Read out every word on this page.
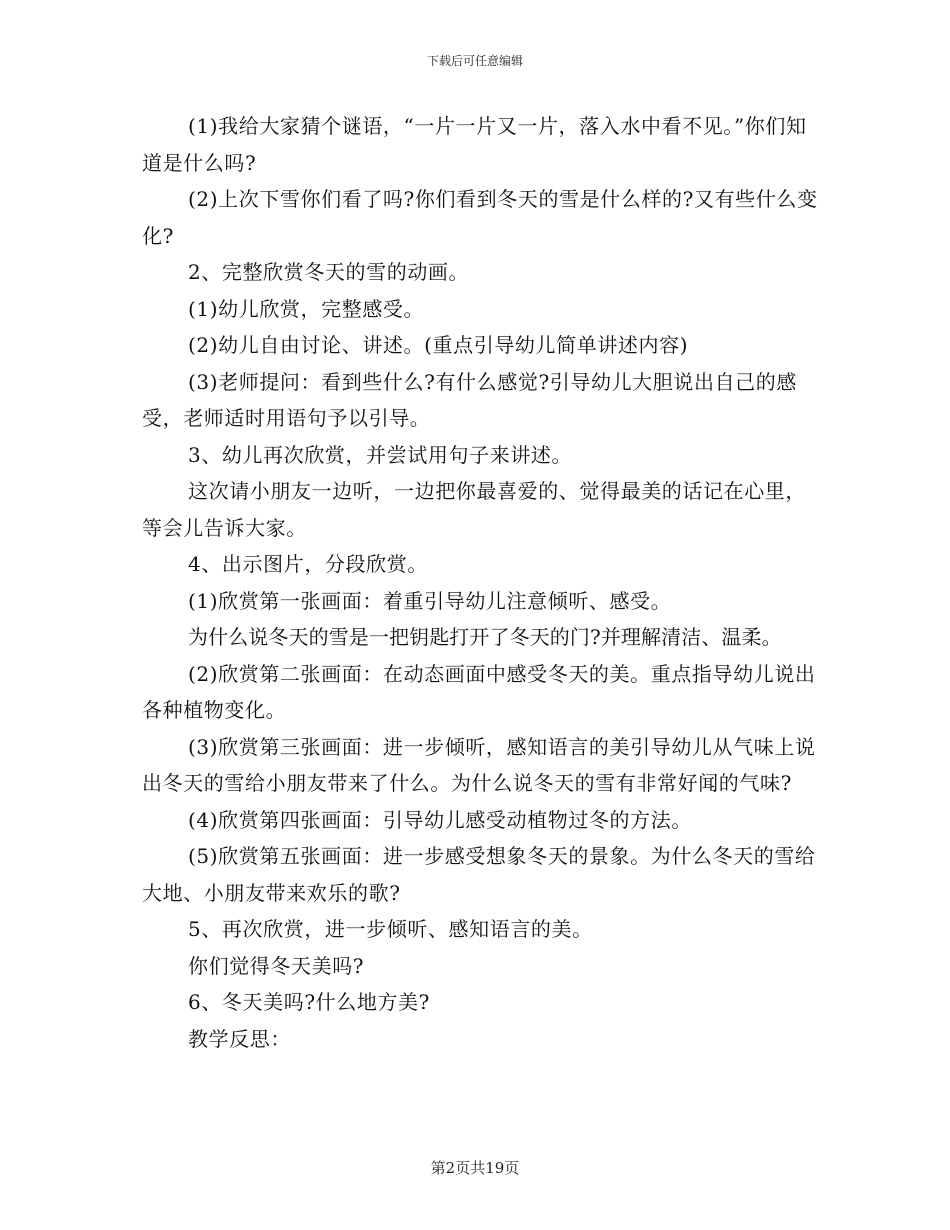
下载后可任意编辑

(1)我给大家猜个谜语，“一片一片又一片，落入水中看不见。”你们知道是什么吗?

(2)上次下雪你们看了吗?你们看到冬天的雪是什么样的?又有些什么变化?

2、完整欣赏冬天的雪的动画。

(1)幼儿欣赏，完整感受。

(2)幼儿自由讨论、讲述。(重点引导幼儿简单讲述内容)

(3)老师提问：看到些什么?有什么感觉?引导幼儿大胆说出自己的感受，老师适时用语句予以引导。

3、幼儿再次欣赏，并尝试用句子来讲述。

这次请小朋友一边听，一边把你最喜爱的、觉得最美的话记在心里，等会儿告诉大家。

4、出示图片，分段欣赏。

(1)欣赏第一张画面：着重引导幼儿注意倾听、感受。

为什么说冬天的雪是一把钥匙打开了冬天的门?并理解清洁、温柔。

(2)欣赏第二张画面：在动态画面中感受冬天的美。重点指导幼儿说出各种植物变化。

(3)欣赏第三张画面：进一步倾听，感知语言的美引导幼儿从气味上说出冬天的雪给小朋友带来了什么。为什么说冬天的雪有非常好闻的气味?

(4)欣赏第四张画面：引导幼儿感受动植物过冬的方法。

(5)欣赏第五张画面：进一步感受想象冬天的景象。为什么冬天的雪给大地、小朋友带来欢乐的歌?

5、再次欣赏，进一步倾听、感知语言的美。

你们觉得冬天美吗?

6、冬天美吗?什么地方美?

教学反思：

第2页共19页
